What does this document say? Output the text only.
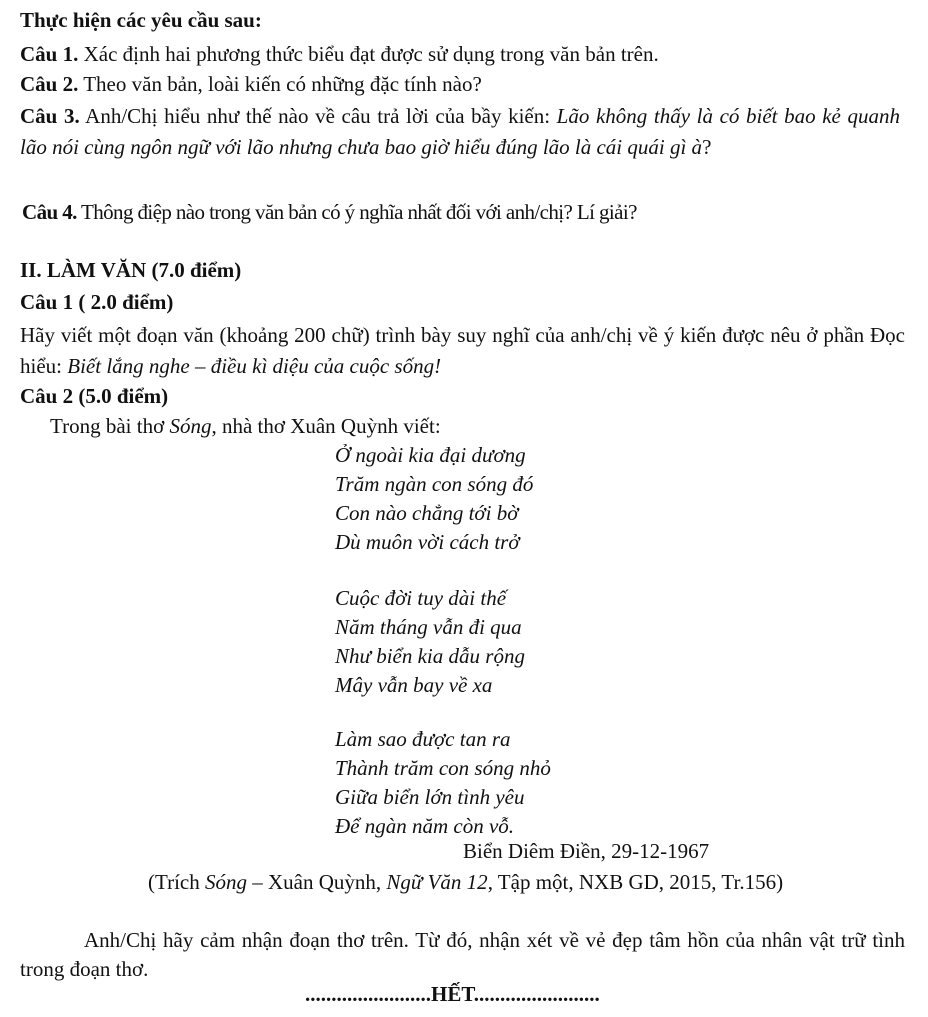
Thực hiện các yêu cầu sau:
Câu 1. Xác định hai phương thức biểu đạt được sử dụng trong văn bản trên.
Câu 2. Theo văn bản, loài kiến có những đặc tính nào?
Câu 3. Anh/Chị hiểu như thế nào về câu trả lời của bầy kiến: Lão không thấy là có biết bao kẻ quanh lão nói cùng ngôn ngữ với lão nhưng chưa bao giờ hiểu đúng lão là cái quái gì à?
Câu 4. Thông điệp nào trong văn bản có ý nghĩa nhất đối với anh/chị? Lí giải?
II. LÀM VĂN (7.0 điểm)
Câu 1 ( 2.0 điểm)
Hãy viết một đoạn văn (khoảng 200 chữ) trình bày suy nghĩ của anh/chị về ý kiến được nêu ở phần Đọc hiểu: Biết lắng nghe – điều kì diệu của cuộc sống!
Câu 2 (5.0 điểm)
Trong bài thơ Sóng, nhà thơ Xuân Quỳnh viết:
Ở ngoài kia đại dương
Trăm ngàn con sóng đó
Con nào chẳng tới bờ
Dù muôn vời cách trở
Cuộc đời tuy dài thế
Năm tháng vẫn đi qua
Như biển kia dẫu rộng
Mây vẫn bay về xa
Làm sao được tan ra
Thành trăm con sóng nhỏ
Giữa biển lớn tình yêu
Để ngàn năm còn vỗ.
Biển Diêm Điền, 29-12-1967
(Trích Sóng – Xuân Quỳnh, Ngữ Văn 12, Tập một, NXB GD, 2015, Tr.156)
Anh/Chị hãy cảm nhận đoạn thơ trên. Từ đó, nhận xét về vẻ đẹp tâm hồn của nhân vật trữ tình trong đoạn thơ.
........................HẾT........................
